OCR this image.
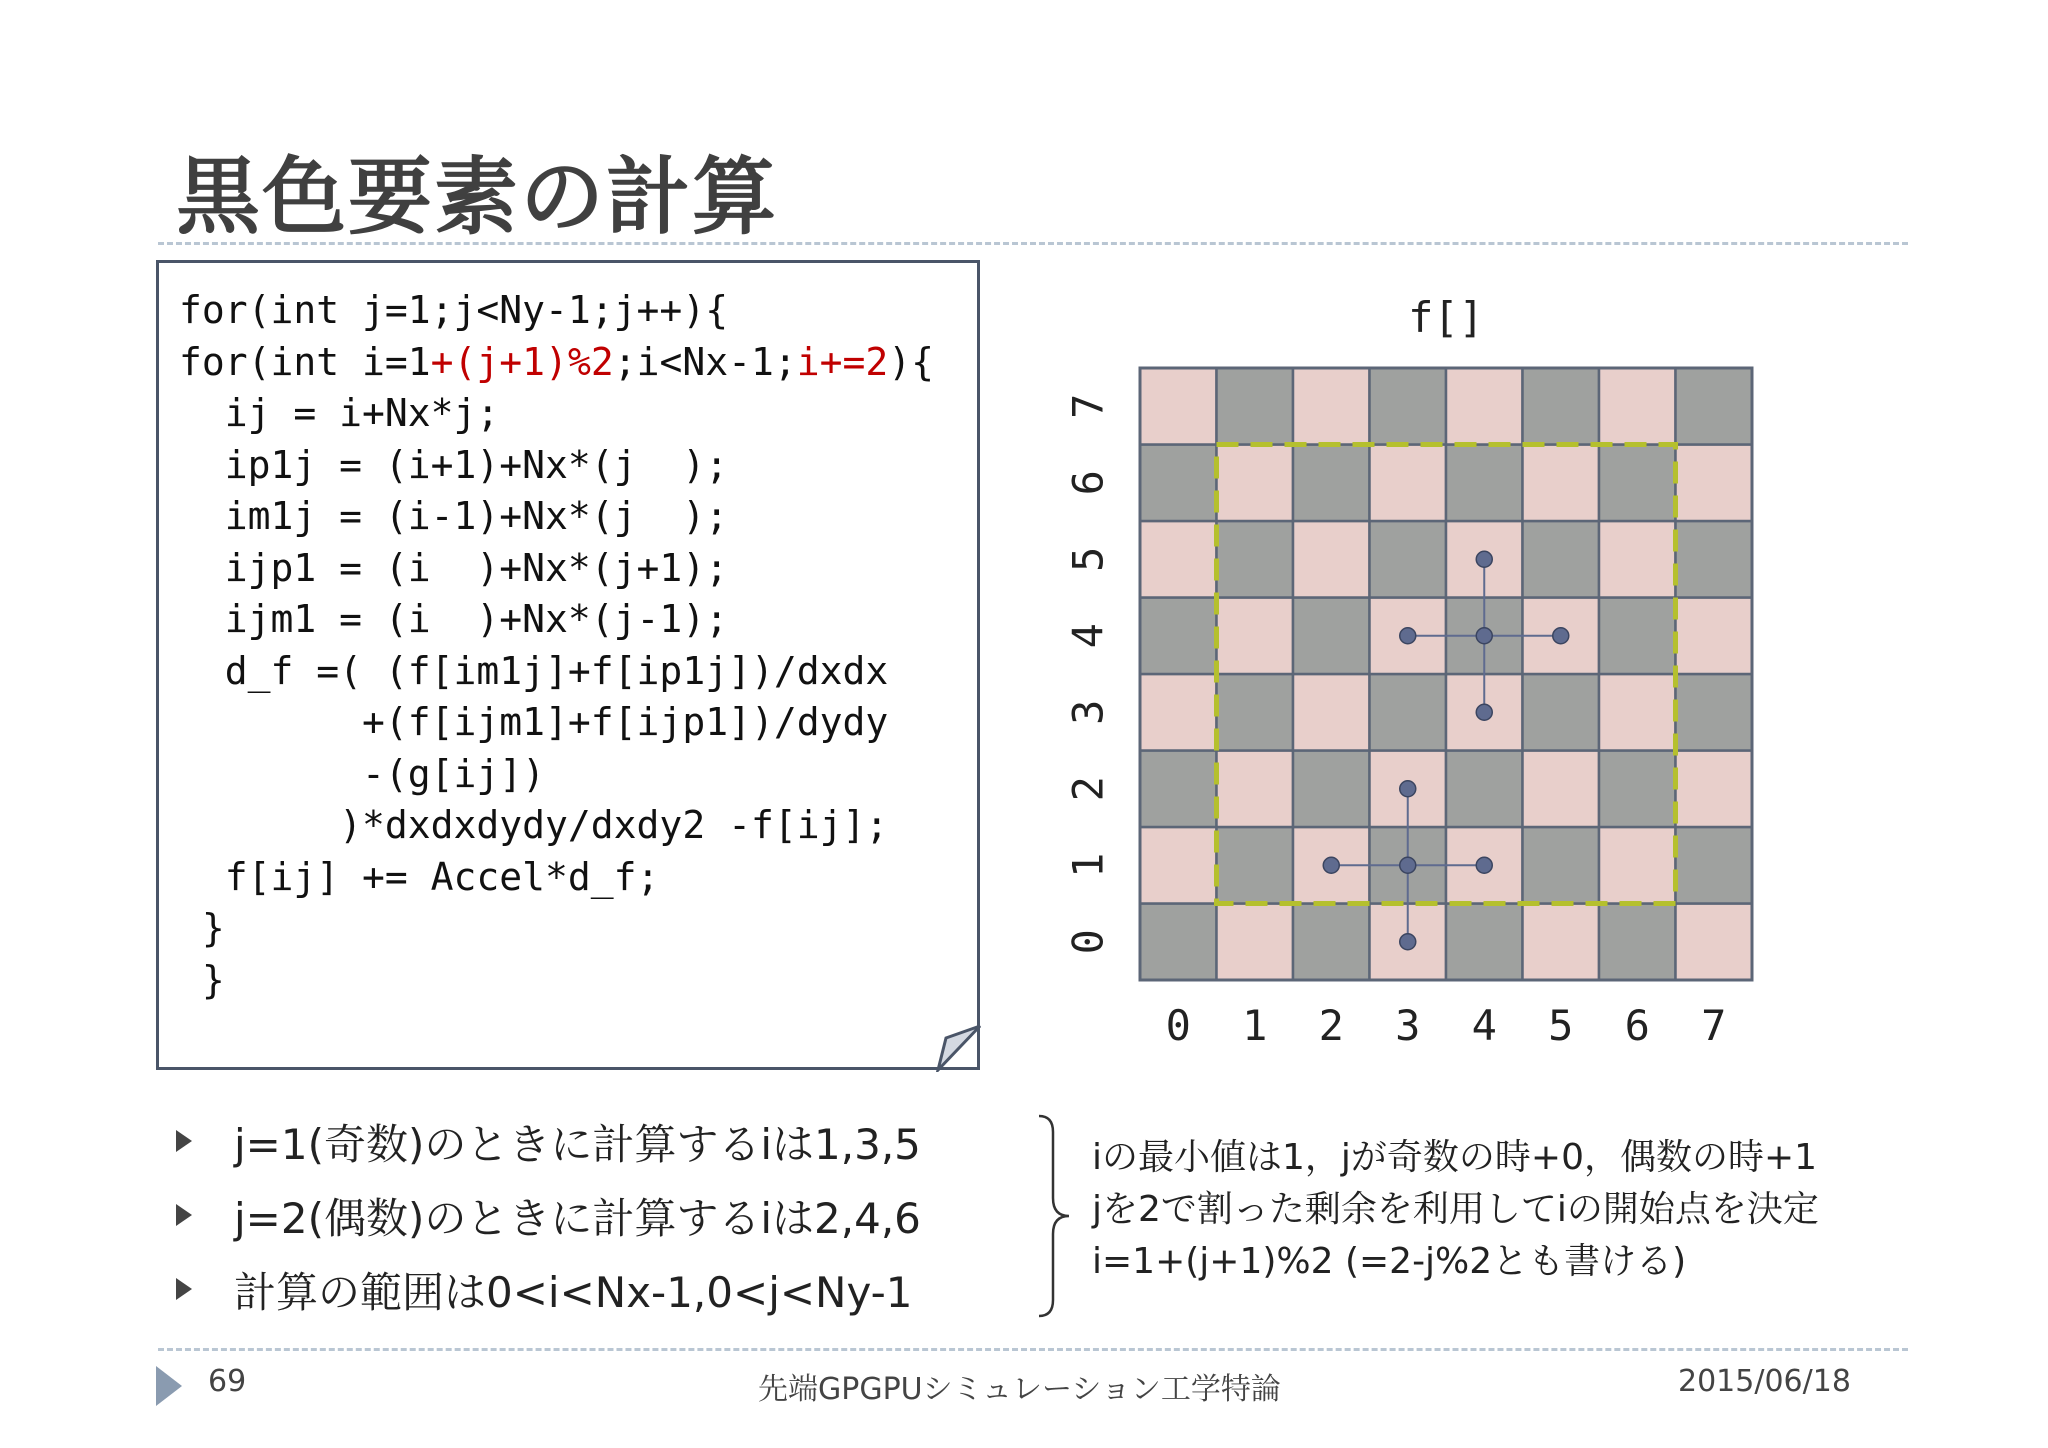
黒色要素の計算
for(int j=1;j<Ny-1;j++){
for(int i=1+(j+1)%2;i<Nx-1;i+=2){
ij = i+Nx*j;
ip1j = (i+1)+Nx*(j  );
im1j = (i-1)+Nx*(j  );
ijp1 = (i  )+Nx*(j+1);
ijm1 = (i  )+Nx*(j-1);
d_f =( (f[im1j]+f[ip1j])/dxdx
+(f[ijm1]+f[ijp1])/dydy
-(g[ij])
)*dxdxdydy/dxdy2 -f[ij];
f[ij] += Accel*d_f;
}
}
f[]
0 1 2 3 4 5 6 7
0
1
2
3
4
5
6
7
j=1(奇数)のときに計算するiは1,3,5
j=2(偶数)のときに計算するiは2,4,6
計算の範囲は0<i<Nx-1,0<j<Ny-1
iの最小値は1，jが奇数の時+0，偶数の時+1
jを2で割った剰余を利用してiの開始点を決定
i=1+(j+1)%2 (=2-j%2とも書ける)
69	先端GPGPUシミュレーション工学特論	2015/06/18
